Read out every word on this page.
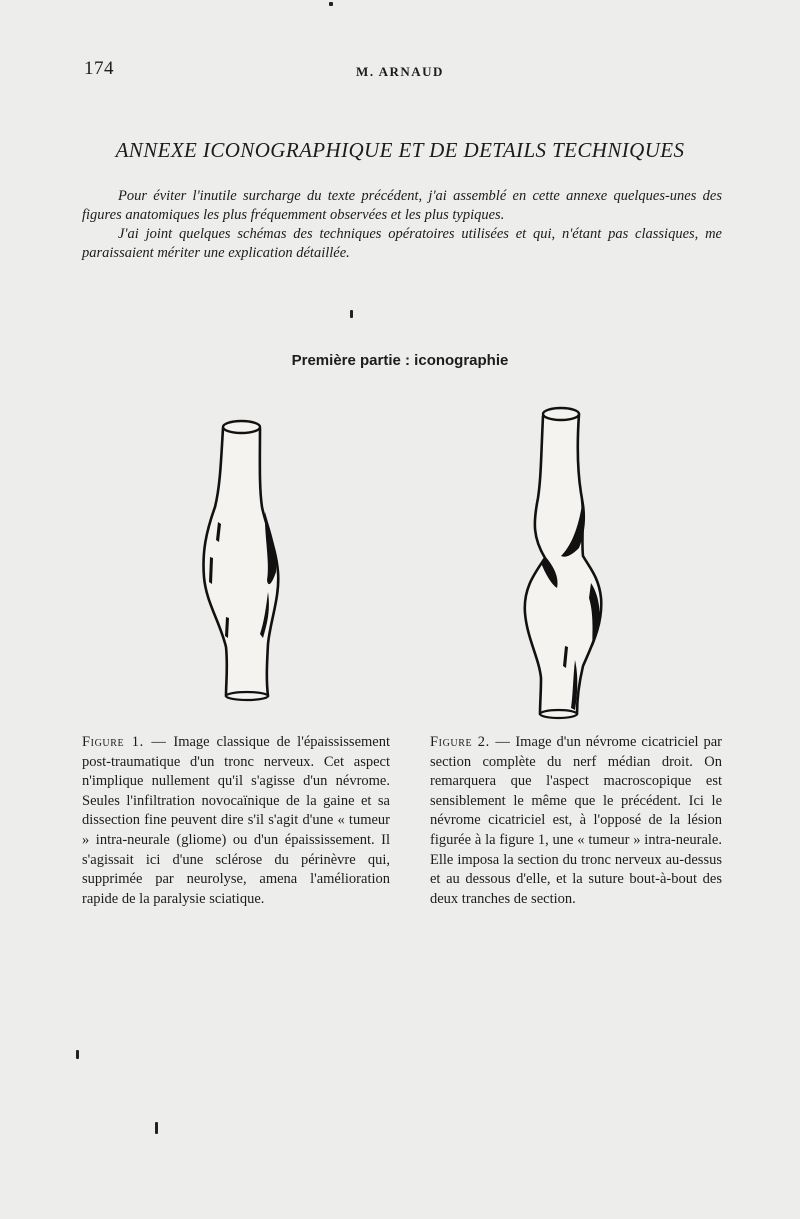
174	M. ARNAUD
ANNEXE ICONOGRAPHIQUE ET DE DETAILS TECHNIQUES

Pour éviter l'inutile surcharge du texte précédent, j'ai assemblé en cette annexe quelques-unes des figures anatomiques les plus fréquemment observées et les plus typiques.

J'ai joint quelques schémas des techniques opératoires utilisées et qui, n'étant pas classiques, me paraissaient mériter une explication détaillée.

Première partie : iconographie
Figure 1. — Image classique de l'épaississement post-traumatique d'un tronc nerveux. Cet aspect n'implique nullement qu'il s'agisse d'un névrome. Seules l'infiltration novocaïnique de la gaine et sa dissection fine peuvent dire s'il s'agit d'une « tumeur » intra-neurale (gliome) ou d'un épaississement. Il s'agissait ici d'une sclérose du périnèvre qui, supprimée par neurolyse, amena l'amélioration rapide de la paralysie sciatique.
Figure 2. — Image d'un névrome cicatriciel par section complète du nerf médian droit. On remarquera que l'aspect macroscopique est sensiblement le même que le précédent. Ici le névrome cicatriciel est, à l'opposé de la lésion figurée à la figure 1, une « tumeur » intra-neurale. Elle imposa la section du tronc nerveux au-dessus et au dessous d'elle, et la suture bout-à-bout des deux tranches de section.
